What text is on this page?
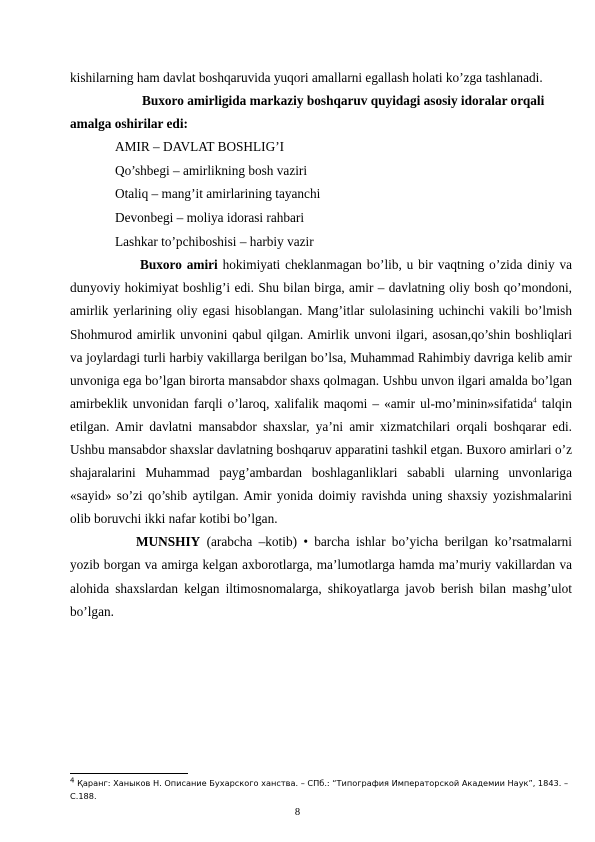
kishilarning ham davlat boshqaruvida yuqori amallarni egallash holati ko’zga tashlanadi.

Buxoro amirligida markaziy boshqaruv quyidagi asosiy idoralar orqali amalga oshirilar edi:

AMIR – DAVLAT BOSHLIG’I
Qo’shbegi – amirlikning bosh vaziri
Otaliq – mang’it amirlarining tayanchi
Devonbegi – moliya idorasi rahbari
Lashkar to’pchiboshisi – harbiy vazir

Buxoro amiri hokimiyati cheklanmagan bo’lib, u bir vaqtning o’zida diniy va dunyoviy hokimiyat boshlig’i edi. Shu bilan birga, amir – davlatning oliy bosh qo’mondoni, amirlik yerlarining oliy egasi hisoblangan. Mang’itlar sulolasining uchinchi vakili bo’lmish Shohmurod amirlik unvonini qabul qilgan. Amirlik unvoni ilgari, asosan,qo’shin boshliqlari va joylardagi turli harbiy vakillarga berilgan bo’lsa, Muhammad Rahimbiy davriga kelib amir unvoniga ega bo’lgan birorta mansabdor shaxs qolmagan. Ushbu unvon ilgari amalda bo’lgan amirbeklik unvonidan farqli o’laroq, xalifalik maqomi – «amir ul-mo’minin»sifatida$^4$ talqin etilgan. Amir davlatni mansabdor shaxslar, ya’ni amir xizmatchilari orqali boshqarar edi. Ushbu mansabdor shaxslar davlatning boshqaruv apparatini tashkil etgan. Buxoro amirlari o’z shajaralarini Muhammad payg’ambardan boshlaganliklari sababli ularning unvonlariga «sayid» so’zi qo’shib aytilgan. Amir yonida doimiy ravishda uning shaxsiy yozishmalarini olib boruvchi ikki nafar kotibi bo’lgan.

MUNSHIY (arabcha –kotib) • barcha ishlar bo’yicha berilgan ko’rsatmalarni yozib borgan va amirga kelgan axborotlarga, ma’lumotlarga hamda ma’muriy vakillardan va alohida shaxslardan kelgan iltimosnomalarga, shikoyatlarga javob berish bilan mashg’ulot bo’lgan.

$^4$ Қаранг: Ханыков Н. Описание Бухарского ханства. – СПб.: “Типография Императорской Академии Наук”, 1843. – С.188.
8
